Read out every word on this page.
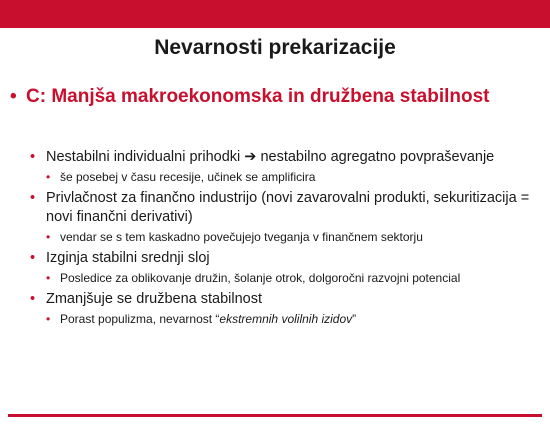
Nevarnosti prekarizacije

• C: Manjša makroekonomska in družbena stabilnost

• Nestabilni individualni prihodki ➔ nestabilno agregatno povpraševanje
• še posebej v času recesije, učinek se amplificira
• Privlačnost za finančno industrijo (novi zavarovalni produkti, sekuritizacija = novi finančni derivativi)
• vendar se s tem kaskadno povečujejo tveganja v finančnem sektorju
• Izginja stabilni srednji sloj
• Posledice za oblikovanje družin, šolanje otrok, dolgoročni razvojni potencial
• Zmanjšuje se družbena stabilnost
• Porast populizma, nevarnost “ekstremnih volilnih izidov”
